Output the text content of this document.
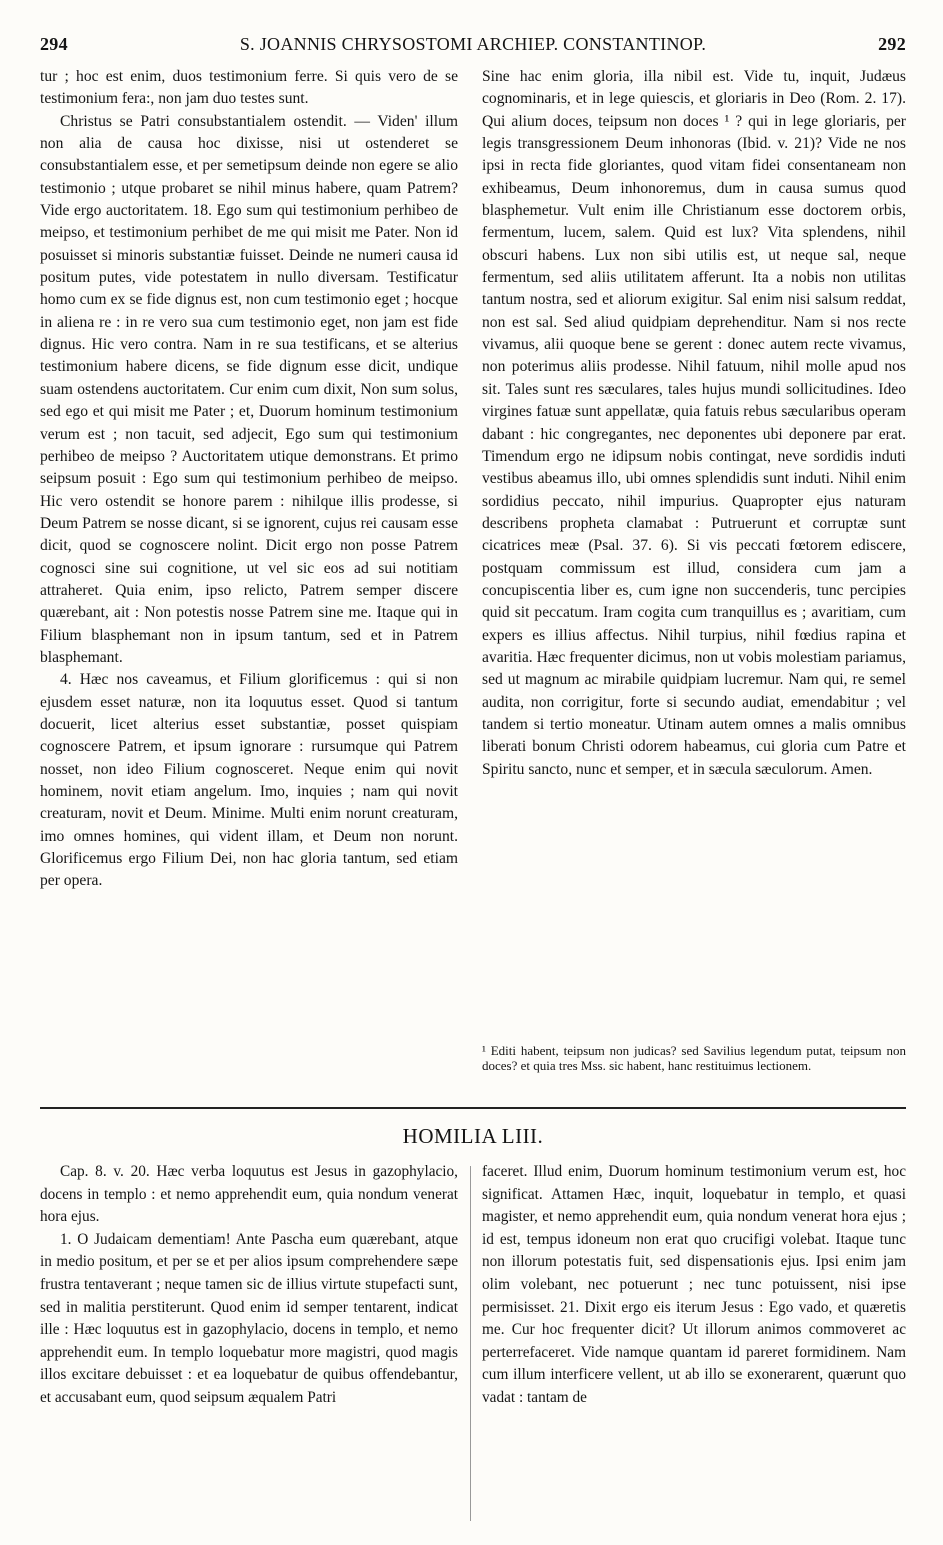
294	S. JOANNIS CHRYSOSTOMI ARCHIEP. CONSTANTINOP.	292

tur ; hoc est enim, duos testimonium ferre. Si quis vero de se testimonium fera:, non jam duo testes sunt.

Christus se Patri consubstantialem ostendit. — Viden' illum non alia de causa hoc dixisse, nisi ut ostenderet se consubstantialem esse, et per semetipsum deinde non egere se alio testimonio ; utque probaret se nihil minus habere, quam Patrem? Vide ergo auctoritatem. 18. Ego sum qui testimonium perhibeo de meipso, et testimonium perhibet de me qui misit me Pater. Non id posuisset si minoris substantiæ fuisset. Deinde ne numeri causa id positum putes, vide potestatem in nullo diversam. Testificatur homo cum ex se fide dignus est, non cum testimonio eget ; hocque in aliena re : in re vero sua cum testimonio eget, non jam est fide dignus. Hic vero contra. Nam in re sua testificans, et se alterius testimonium habere dicens, se fide dignum esse dicit, undique suam ostendens auctoritatem. Cur enim cum dixit, Non sum solus, sed ego et qui misit me Pater ; et, Duorum hominum testimonium verum est ; non tacuit, sed adjecit, Ego sum qui testimonium perhibeo de meipso ? Auctoritatem utique demonstrans. Et primo seipsum posuit : Ego sum qui testimonium perhibeo de meipso. Hic vero ostendit se honore parem : nihilque illis prodesse, si Deum Patrem se nosse dicant, si se ignorent, cujus rei causam esse dicit, quod se cognoscere nolint. Dicit ergo non posse Patrem cognosci sine sui cognitione, ut vel sic eos ad sui notitiam attraheret. Quia enim, ipso relicto, Patrem semper discere quærebant, ait : Non potestis nosse Patrem sine me. Itaque qui in Filium blasphemant non in ipsum tantum, sed et in Patrem blasphemant.

4. Hæc nos caveamus, et Filium glorificemus : qui si non ejusdem esset naturæ, non ita loquutus esset. Quod si tantum docuerit, licet alterius esset substantiæ, posset quispiam cognoscere Patrem, et ipsum ignorare : rursumque qui Patrem nosset, non ideo Filium cognosceret. Neque enim qui novit hominem, novit etiam angelum. Imo, inquies ; nam qui novit creaturam, novit et Deum. Minime. Multi enim norunt creaturam, imo omnes homines, qui vident illam, et Deum non norunt. Glorificemus ergo Filium Dei, non hac gloria tantum, sed etiam per opera.

Sine hac enim gloria, illa nibil est. Vide tu, inquit, Judæus cognominaris, et in lege quiescis, et gloriaris in Deo (Rom. 2. 17). Qui alium doces, teipsum non doces ¹ ? qui in lege gloriaris, per legis transgressionem Deum inhonoras (Ibid. v. 21)? Vide ne nos ipsi in recta fide gloriantes, quod vitam fidei consentaneam non exhibeamus, Deum inhonoremus, dum in causa sumus quod blasphemetur. Vult enim ille Christianum esse doctorem orbis, fermentum, lucem, salem. Quid est lux? Vita splendens, nihil obscuri habens. Lux non sibi utilis est, ut neque sal, neque fermentum, sed aliis utilitatem afferunt. Ita a nobis non utilitas tantum nostra, sed et aliorum exigitur. Sal enim nisi salsum reddat, non est sal. Sed aliud quidpiam deprehenditur. Nam si nos recte vivamus, alii quoque bene se gerent : donec autem recte vivamus, non poterimus aliis prodesse. Nihil fatuum, nihil molle apud nos sit. Tales sunt res sæculares, tales hujus mundi sollicitudines. Ideo virgines fatuæ sunt appellatæ, quia fatuis rebus sæcularibus operam dabant : hic congregantes, nec deponentes ubi deponere par erat. Timendum ergo ne idipsum nobis contingat, neve sordidis induti vestibus abeamus illo, ubi omnes splendidis sunt induti. Nihil enim sordidius peccato, nihil impurius. Quapropter ejus naturam describens propheta clamabat : Putruerunt et corruptæ sunt cicatrices meæ (Psal. 37. 6). Si vis peccati fœtorem ediscere, postquam commissum est illud, considera cum jam a concupiscentia liber es, cum igne non succenderis, tunc percipies quid sit peccatum. Iram cogita cum tranquillus es ; avaritiam, cum expers es illius affectus. Nihil turpius, nihil fœdius rapina et avaritia. Hæc frequenter dicimus, non ut vobis molestiam pariamus, sed ut magnum ac mirabile quidpiam lucremur. Nam qui, re semel audita, non corrigitur, forte si secundo audiat, emendabitur ; vel tandem si tertio moneatur. Utinam autem omnes a malis omnibus liberati bonum Christi odorem habeamus, cui gloria cum Patre et Spiritu sancto, nunc et semper, et in sæcula sæculorum. Amen.

¹ Editi habent, teipsum non judicas? sed Savilius legendum putat, teipsum non doces? et quia tres Mss. sic habent, hanc restituimus lectionem.
HOMILIA LIII.

Cap. 8. v. 20. Hæc verba loquutus est Jesus in gazophylacio, docens in templo : et nemo apprehendit eum, quia nondum venerat hora ejus.

1. O Judaicam dementiam! Ante Pascha eum quærebant, atque in medio positum, et per se et per alios ipsum comprehendere sæpe frustra tentaverant ; neque tamen sic de illius virtute stupefacti sunt, sed in malitia perstiterunt. Quod enim id semper tentarent, indicat ille : Hæc loquutus est in gazophylacio, docens in templo, et nemo apprehendit eum. In templo loquebatur more magistri, quod magis illos excitare debuisset : et ea loquebatur de quibus offendebantur, et accusabant eum, quod seipsum æqualem Patri

faceret. Illud enim, Duorum hominum testimonium verum est, hoc significat. Attamen Hæc, inquit, loquebatur in templo, et quasi magister, et nemo apprehendit eum, quia nondum venerat hora ejus ; id est, tempus idoneum non erat quo crucifigi volebat. Itaque tunc non illorum potestatis fuit, sed dispensationis ejus. Ipsi enim jam olim volebant, nec potuerunt ; nec tunc potuissent, nisi ipse permisisset. 21. Dixit ergo eis iterum Jesus : Ego vado, et quæretis me. Cur hoc frequenter dicit? Ut illorum animos commoveret ac perterrefaceret. Vide namque quantam id pareret formidinem. Nam cum illum interficere vellent, ut ab illo se exonerarent, quærunt quo vadat : tantam de
